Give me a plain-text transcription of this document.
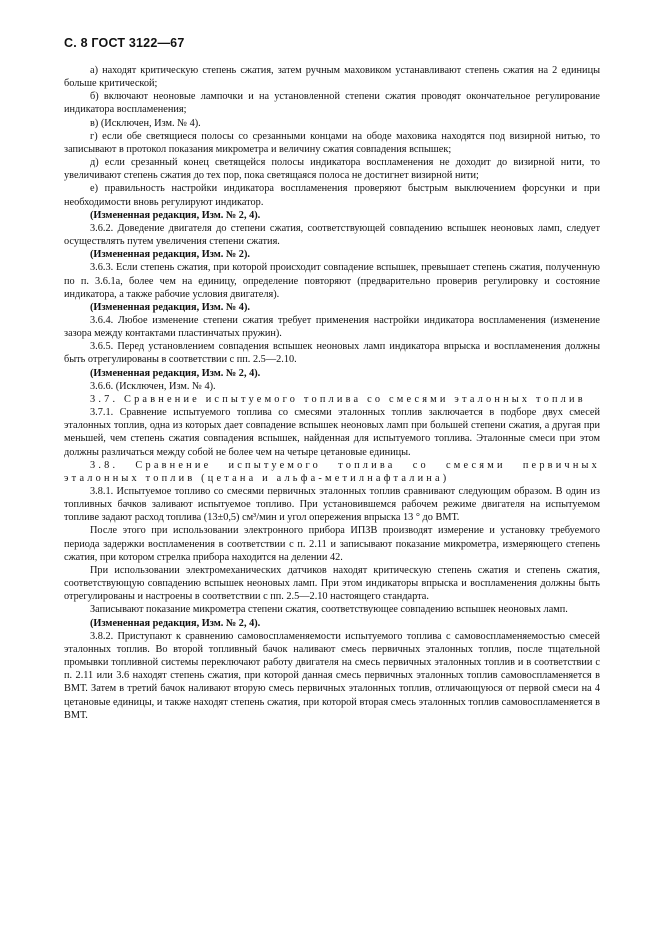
С. 8 ГОСТ 3122—67

а) находят критическую степень сжатия, затем ручным маховиком устанавливают степень сжатия на 2 единицы больше критической;

б) включают неоновые лампочки и на установленной степени сжатия проводят окончательное регулирование индикатора воспламенения;

в) (Исключен, Изм. № 4).

г) если обе светящиеся полосы со срезанными концами на ободе маховика находятся под визирной нитью, то записывают в протокол показания микрометра и величину сжатия совпадения вспышек;

д) если срезанный конец светящейся полосы индикатора воспламенения не доходит до визирной нити, то увеличивают степень сжатия до тех пор, пока светящаяся полоса не достигнет визирной нити;

е) правильность настройки индикатора воспламенения проверяют быстрым выключением форсунки и при необходимости вновь регулируют индикатор.

(Измененная редакция, Изм. № 2, 4).

3.6.2. Доведение двигателя до степени сжатия, соответствующей совпадению вспышек неоновых ламп, следует осуществлять путем увеличения степени сжатия.

(Измененная редакция, Изм. № 2).

3.6.3. Если степень сжатия, при которой происходит совпадение вспышек, превышает степень сжатия, полученную по п. 3.6.1а, более чем на единицу, определение повторяют (предварительно проверив регулировку и состояние индикатора, а также рабочие условия двигателя).

(Измененная редакция, Изм. № 4).

3.6.4. Любое изменение степени сжатия требует применения настройки индикатора воспламенения (изменение зазора между контактами пластинчатых пружин).

3.6.5. Перед установлением совпадения вспышек неоновых ламп индикатора впрыска и воспламенения должны быть отрегулированы в соответствии с пп. 2.5—2.10.

(Измененная редакция, Изм. № 2, 4).

3.6.6. (Исключен, Изм. № 4).

3.7. Сравнение испытуемого топлива со смесями эталонных топлив

3.7.1. Сравнение испытуемого топлива со смесями эталонных топлив заключается в подборе двух смесей эталонных топлив, одна из которых дает совпадение вспышек неоновых ламп при большей степени сжатия, а другая при меньшей, чем степень сжатия совпадения вспышек, найденная для испытуемого топлива. Эталонные смеси при этом должны различаться между собой не более чем на четыре цетановые единицы.

3.8. Сравнение испытуемого топлива со смесями первичных эталонных топлив (цетана и альфа-метилнафталина)

3.8.1. Испытуемое топливо со смесями первичных эталонных топлив сравнивают следующим образом. В один из топливных бачков заливают испытуемое топливо. При установившемся рабочем режиме двигателя на испытуемом топливе задают расход топлива (13±0,5) см³/мин и угол опережения впрыска 13 ° до ВМТ.

После этого при использовании электронного прибора ИПЗВ производят измерение и установку требуемого периода задержки воспламенения в соответствии с п. 2.11 и записывают показание микрометра, измеряющего степень сжатия, при котором стрелка прибора находится на делении 42.

При использовании электромеханических датчиков находят критическую степень сжатия и степень сжатия, соответствующую совпадению вспышек неоновых ламп. При этом индикаторы впрыска и воспламенения должны быть отрегулированы и настроены в соответствии с пп. 2.5—2.10 настоящего стандарта.

Записывают показание микрометра степени сжатия, соответствующее совпадению вспышек неоновых ламп.

(Измененная редакция, Изм. № 2, 4).

3.8.2. Приступают к сравнению самовоспламеняемости испытуемого топлива с самовоспламеняемостью смесей эталонных топлив. Во второй топливный бачок наливают смесь первичных эталонных топлив, после тщательной промывки топливной системы переключают работу двигателя на смесь первичных эталонных топлив и в соответствии с п. 2.11 или 3.6 находят степень сжатия, при которой данная смесь первичных эталонных топлив самовоспламеняется в ВМТ. Затем в третий бачок наливают вторую смесь первичных эталонных топлив, отличающуюся от первой смеси на 4 цетановые единицы, и также находят степень сжатия, при которой вторая смесь эталонных топлив самовоспламеняется в ВМТ.
